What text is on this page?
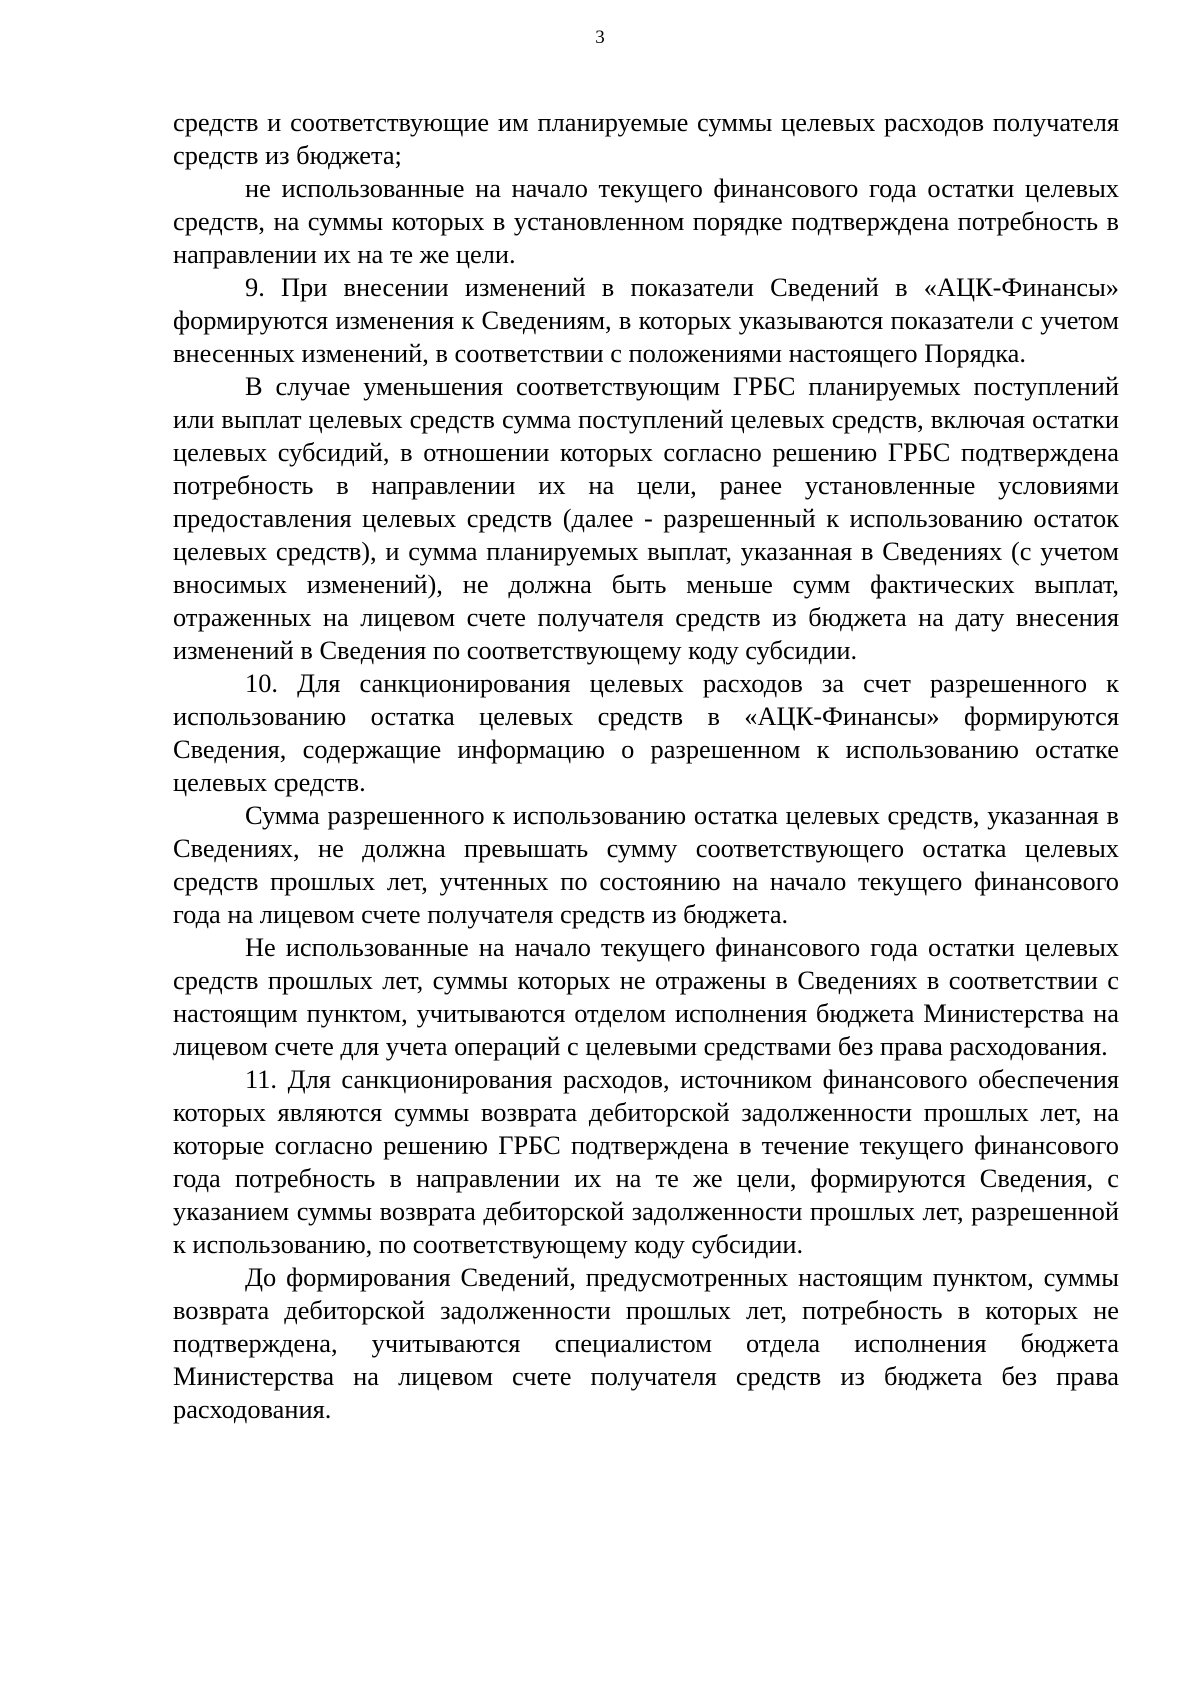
3

средств и соответствующие им планируемые суммы целевых расходов получателя средств из бюджета;

не использованные на начало текущего финансового года остатки целевых средств, на суммы которых в установленном порядке подтверждена потребность в направлении их на те же цели.

9. При внесении изменений в показатели Сведений в «АЦК-Финансы» формируются изменения к Сведениям, в которых указываются показатели с учетом внесенных изменений, в соответствии с положениями настоящего Порядка.

В случае уменьшения соответствующим ГРБС планируемых поступлений или выплат целевых средств сумма поступлений целевых средств, включая остатки целевых субсидий, в отношении которых согласно решению ГРБС подтверждена потребность в направлении их на цели, ранее установленные условиями предоставления целевых средств (далее - разрешенный к использованию остаток целевых средств), и сумма планируемых выплат, указанная в Сведениях (с учетом вносимых изменений), не должна быть меньше сумм фактических выплат, отраженных на лицевом счете получателя средств из бюджета на дату внесения изменений в Сведения по соответствующему коду субсидии.

10. Для санкционирования целевых расходов за счет разрешенного к использованию остатка целевых средств в «АЦК-Финансы» формируются Сведения, содержащие информацию о разрешенном к использованию остатке целевых средств.

Сумма разрешенного к использованию остатка целевых средств, указанная в Сведениях, не должна превышать сумму соответствующего остатка целевых средств прошлых лет, учтенных по состоянию на начало текущего финансового года на лицевом счете получателя средств из бюджета.

Не использованные на начало текущего финансового года остатки целевых средств прошлых лет, суммы которых не отражены в Сведениях в соответствии с настоящим пунктом, учитываются отделом исполнения бюджета Министерства на лицевом счете для учета операций с целевыми средствами без права расходования.

11. Для санкционирования расходов, источником финансового обеспечения которых являются суммы возврата дебиторской задолженности прошлых лет, на которые согласно решению ГРБС подтверждена в течение текущего финансового года потребность в направлении их на те же цели, формируются Сведения, с указанием суммы возврата дебиторской задолженности прошлых лет, разрешенной к использованию, по соответствующему коду субсидии.

До формирования Сведений, предусмотренных настоящим пунктом, суммы возврата дебиторской задолженности прошлых лет, потребность в которых не подтверждена, учитываются специалистом отдела исполнения бюджета Министерства на лицевом счете получателя средств из бюджета без права расходования.
